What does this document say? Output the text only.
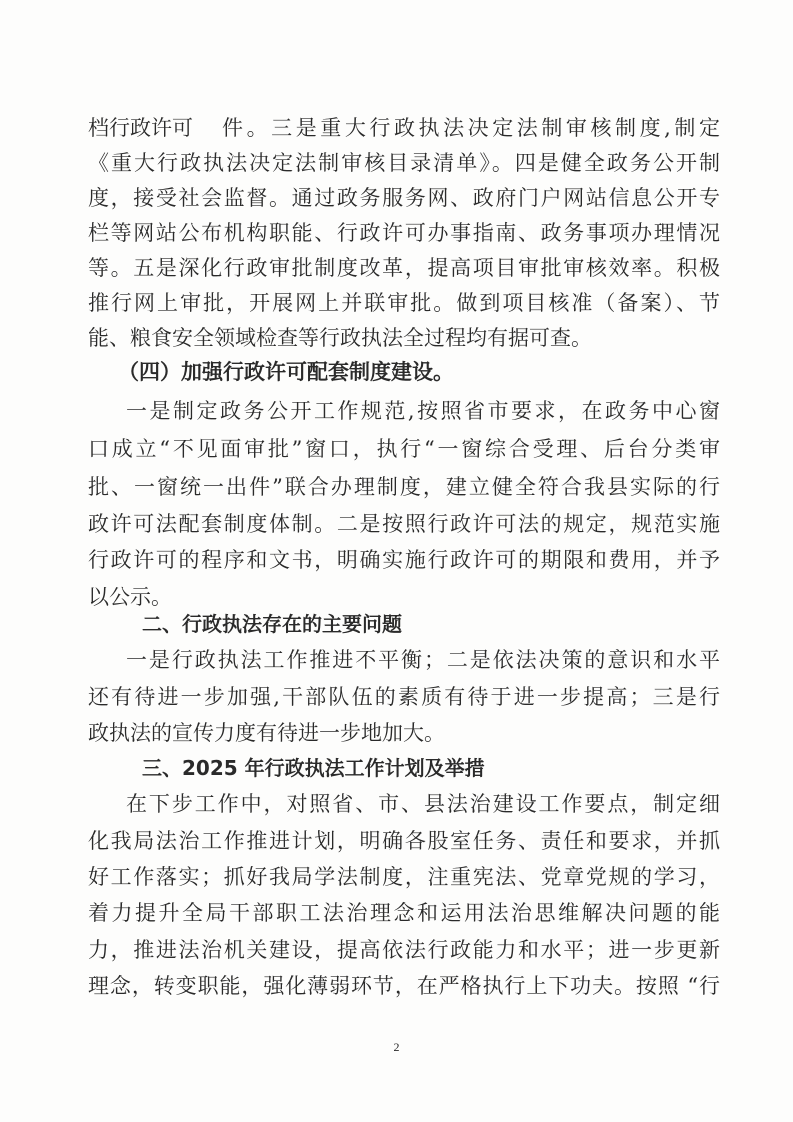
档行政许可 件。三是重大行政执法决定法制审核制度,制定
《重大行政执法决定法制审核目录清单》。四是健全政务公开制
度，接受社会监督。通过政务服务网、政府门户网站信息公开专
栏等网站公布机构职能、行政许可办事指南、政务事项办理情况
等。五是深化行政审批制度改革，提高项目审批审核效率。积极
推行网上审批，开展网上并联审批。做到项目核准（备案）、节
能、粮食安全领域检查等行政执法全过程均有据可查。
（四）加强行政许可配套制度建设。
一是制定政务公开工作规范,按照省市要求，在政务中心窗
口成立“不见面审批”窗口，执行“一窗综合受理、后台分类审
批、一窗统一出件”联合办理制度，建立健全符合我县实际的行
政许可法配套制度体制。二是按照行政许可法的规定，规范实施
行政许可的程序和文书，明确实施行政许可的期限和费用，并予
以公示。
二、行政执法存在的主要问题
一是行政执法工作推进不平衡；二是依法决策的意识和水平
还有待进一步加强,干部队伍的素质有待于进一步提高；三是行
政执法的宣传力度有待进一步地加大。
三、2025 年行政执法工作计划及举措
在下步工作中，对照省、市、县法治建设工作要点，制定细
化我局法治工作推进计划，明确各股室任务、责任和要求，并抓
好工作落实；抓好我局学法制度，注重宪法、党章党规的学习，
着力提升全局干部职工法治理念和运用法治思维解决问题的能
力，推进法治机关建设，提高依法行政能力和水平；进一步更新
理念，转变职能，强化薄弱环节，在严格执行上下功夫。按照 “行
2
